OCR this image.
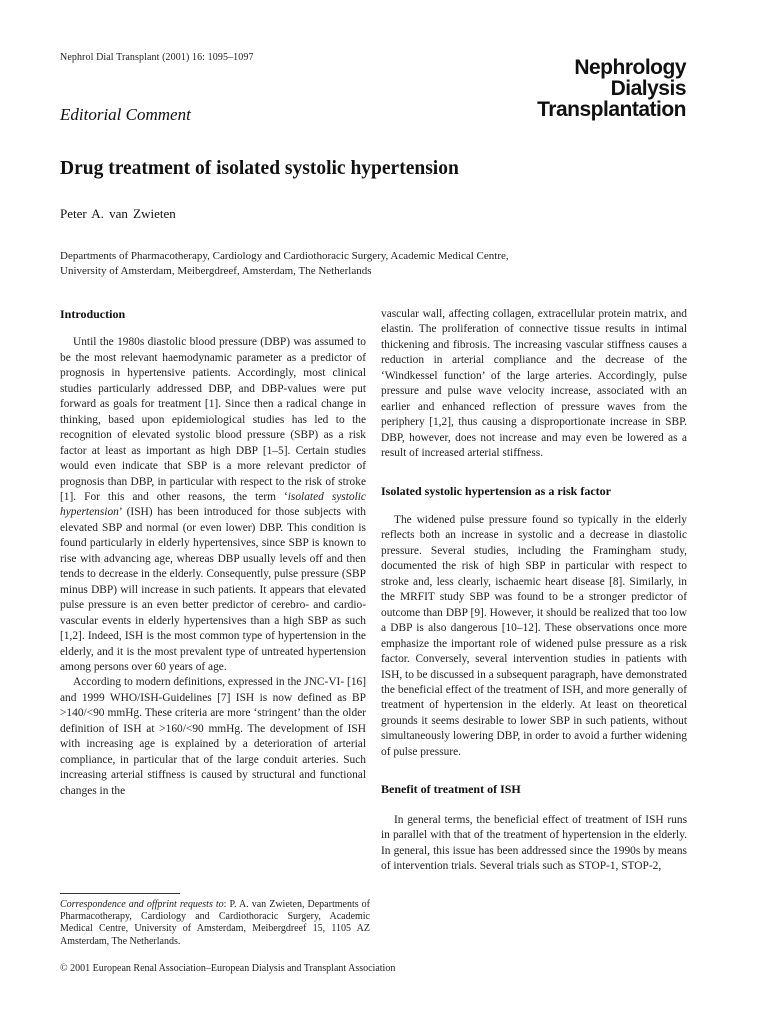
Nephrol Dial Transplant (2001) 16: 1095–1097	Nephrology
Dialysis
Transplantation
Editorial Comment
Drug treatment of isolated systolic hypertension
Peter A. van Zwieten
Departments of Pharmacotherapy, Cardiology and Cardiothoracic Surgery, Academic Medical Centre,
University of Amsterdam, Meibergdreef, Amsterdam, The Netherlands
Introduction

Until the 1980s diastolic blood pressure (DBP) was assumed to be the most relevant haemodynamic parameter as a predictor of prognosis in hypertensive patients. Accordingly, most clinical studies particularly addressed DBP, and DBP-values were put forward as goals for treatment [1]. Since then a radical change in thinking, based upon epidemiological studies has led to the recognition of elevated systolic blood pressure (SBP) as a risk factor at least as important as high DBP [1–5]. Certain studies would even indicate that SBP is a more relevant predictor of prognosis than DBP, in particular with respect to the risk of stroke [1]. For this and other reasons, the term ‘isolated systolic hypertension’ (ISH) has been introduced for those subjects with elevated SBP and normal (or even lower) DBP. This condition is found particularly in elderly hypertensives, since SBP is known to rise with advancing age, whereas DBP usually levels off and then tends to decrease in the elderly. Consequently, pulse pressure (SBP minus DBP) will increase in such patients. It appears that elevated pulse pressure is an even better predictor of cerebro- and cardio-vascular events in elderly hypertensives than a high SBP as such [1,2]. Indeed, ISH is the most common type of hypertension in the elderly, and it is the most prevalent type of untreated hypertension among persons over 60 years of age.

According to modern definitions, expressed in the JNC-VI- [16] and 1999 WHO/ISH-Guidelines [7] ISH is now defined as BP >140/<90 mmHg. These criteria are more ‘stringent’ than the older definition of ISH at >160/<90 mmHg. The development of ISH with increasing age is explained by a deterioration of arterial compliance, in particular that of the large conduit arteries. Such increasing arterial stiffness is caused by structural and functional changes in the

vascular wall, affecting collagen, extracellular protein matrix, and elastin. The proliferation of connective tissue results in intimal thickening and fibrosis. The increasing vascular stiffness causes a reduction in arterial compliance and the decrease of the ‘Windkessel function’ of the large arteries. Accordingly, pulse pressure and pulse wave velocity increase, associated with an earlier and enhanced reflection of pressure waves from the periphery [1,2], thus causing a disproportionate increase in SBP. DBP, however, does not increase and may even be lowered as a result of increased arterial stiffness.

Isolated systolic hypertension as a risk factor

The widened pulse pressure found so typically in the elderly reflects both an increase in systolic and a decrease in diastolic pressure. Several studies, including the Framingham study, documented the risk of high SBP in particular with respect to stroke and, less clearly, ischaemic heart disease [8]. Similarly, in the MRFIT study SBP was found to be a stronger predictor of outcome than DBP [9]. However, it should be realized that too low a DBP is also dangerous [10–12]. These observations once more emphasize the important role of widened pulse pressure as a risk factor. Conversely, several intervention studies in patients with ISH, to be discussed in a subsequent paragraph, have demonstrated the beneficial effect of the treatment of ISH, and more generally of treatment of hypertension in the elderly. At least on theoretical grounds it seems desirable to lower SBP in such patients, without simultaneously lowering DBP, in order to avoid a further widening of pulse pressure.

Benefit of treatment of ISH

In general terms, the beneficial effect of treatment of ISH runs in parallel with that of the treatment of hypertension in the elderly. In general, this issue has been addressed since the 1990s by means of intervention trials. Several trials such as STOP-1, STOP-2,

Correspondence and offprint requests to: P. A. van Zwieten, Departments of Pharmacotherapy, Cardiology and Cardiothoracic Surgery, Academic Medical Centre, University of Amsterdam, Meibergdreef 15, 1105 AZ Amsterdam, The Netherlands.
© 2001 European Renal Association–European Dialysis and Transplant Association
